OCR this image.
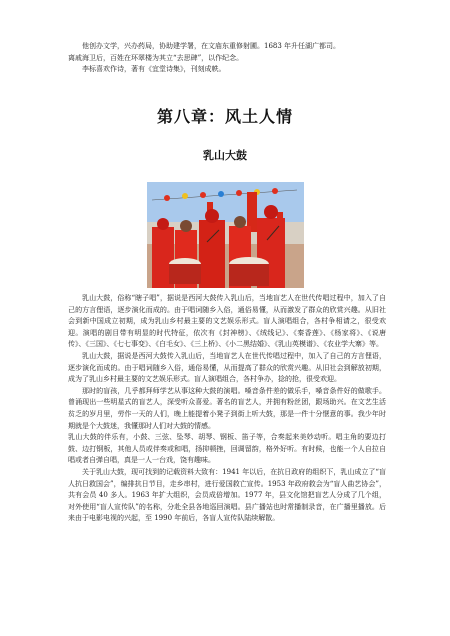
他创办文学，兴办药局，协助建学署，在文庙东重修射圃。1683 年升任湖广都司。
离戚海卫后，百姓在环翠楼为其立“去思碑”，以作纪念。
李标喜欢作诗，著有《宜堂诗集》，刊刻成帙。
第八章：风土人情
乳山大鼓

乳山大鼓，俗称“瞎子唱”，据说是西河大鼓传入乳山后，当地盲艺人在世代传唱过程中，加入了自己的方言俚语，逐步演化而成的。由于唱词随乡入俗，通俗易懂，从而激发了群众的欣赏兴趣。从旧社会到新中国成立初期，成为乳山乡村最主要的文艺娱乐形式。盲人演唱组合，各村争相请之，很受欢迎。演唱的剧目带有明显的时代特征，依次有《封神榜》、《绒线记》、《秦香莲》、《杨家将》、《说唐传》、《三国》、《七七事变》、《白毛女》、《三上桥》、《小二黑结婚》、《乳山英模谱》、《农业学大寨》等。

乳山大鼓，据说是西河大鼓传入乳山后，当地盲艺人在世代传唱过程中，加入了自己的方言俚语，逐步演化而成的。由于唱词随乡入俗，通俗易懂，从而提高了群众的欣赏兴趣。从旧社会到解放初期，成为了乳山乡村最主要的文艺娱乐形式。盲人演唱组合，各村争办，捻的抢，很受欢迎。

那时的盲孩，几乎都拜师学艺从事这种大鼓的演唱。嗓音条件差的做乐手，嗓音条件好的做歌手。曾涌现出一些明星式的盲艺人，深受听众喜爱。著名的盲艺人，并拥有粉丝团，跟场助兴。在文艺生活贫乏的岁月里，劳作一天的人们，晚上能提着小凳子到街上听大鼓，那是一件十分惬意的事。我少年时期就是个大鼓迷，我懂那时人们对大鼓的情感。

乳山大鼓的伴乐有，小鼓、三弦、坠琴、胡琴、钢板、笛子等，合奏起来美妙动听。唱主角的要边打鼓、边打钢板，其他人员或伴奏或和唱，扬抑顿挫，回调留韵，格外好听。有时候，也能一个人自拉自唱或者自弹自唱，真是一人一台戏，饶有趣味。

关于乳山大鼓，现可找到的记载资料大致有：1941 年以后，在抗日政府的组织下，乳山成立了“盲人抗日救国会”，编排抗日节目，走乡串村，进行爱国救亡宣传。1953 年政府救会为“盲人曲艺协会”，共有会员 40 多人。1963 年扩大组织，会员成倍增加。1977 年，县文化馆把盲艺人分成了几个组，对外使用“盲人宣传队”的名称，分赴全县各地巡回演唱。县广播站也时常播制录音，在广播里播放。后来由于电影电视的兴起，至 1990 年前后，各盲人宣传队陆续解散。
